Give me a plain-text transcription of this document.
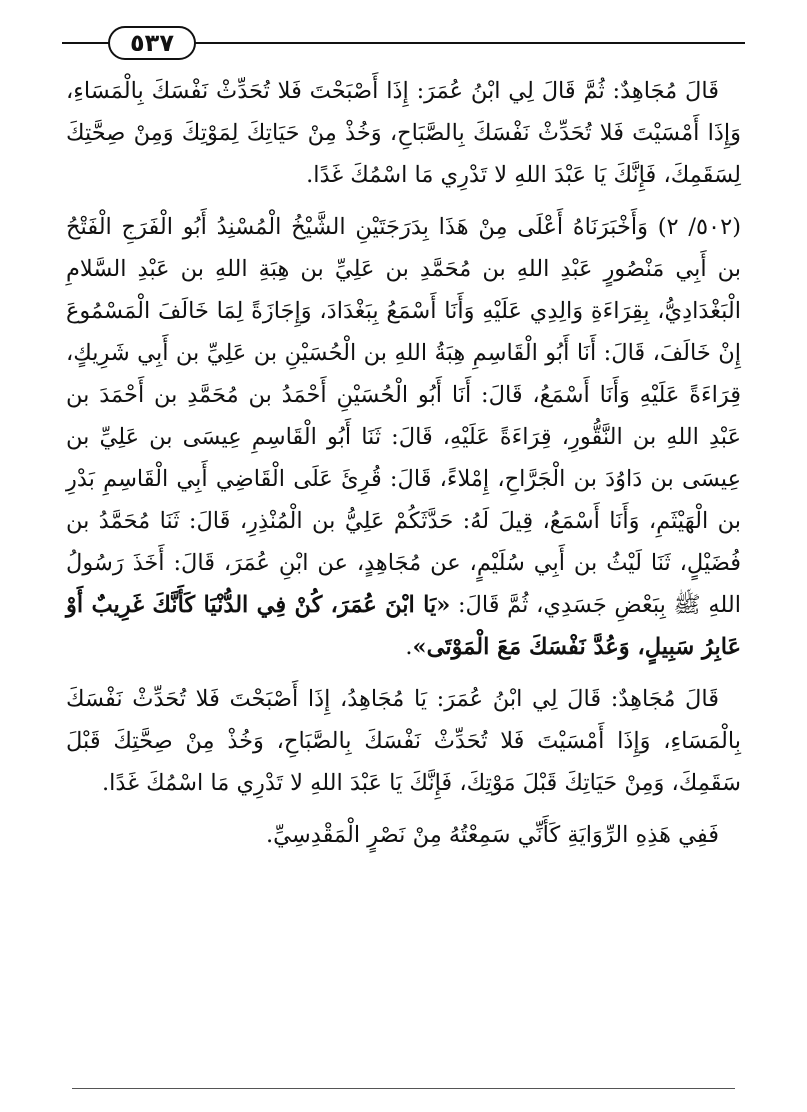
٥٣٧

قَالَ مُجَاهِدٌ: ثُمَّ قَالَ لِي ابْنُ عُمَرَ: إِذَا أَصْبَحْتَ فَلا تُحَدِّثْ نَفْسَكَ بِالْمَسَاءِ، وَإِذَا أَمْسَيْتَ فَلا تُحَدِّثْ نَفْسَكَ بِالصَّبَاحِ، وَخُذْ مِنْ حَيَاتِكَ لِمَوْتِكَ وَمِنْ صِحَّتِكَ لِسَقَمِكَ، فَإِنَّكَ يَا عَبْدَ اللهِ لا تَدْرِي مَا اسْمُكَ غَدًا.

(٥٠٢/ ٢) وَأَخْبَرَنَاهُ أَعْلَى مِنْ هَذَا بِدَرَجَتَيْنِ الشَّيْخُ الْمُسْنِدُ أَبُو الْفَرَجِ الْفَتْحُ بن أَبِي مَنْصُورٍ عَبْدِ اللهِ بن مُحَمَّدِ بن عَلِيِّ بن هِبَةِ اللهِ بن عَبْدِ السَّلامِ الْبَغْدَادِيُّ، بِقِرَاءَةِ وَالِدِي عَلَيْهِ وَأَنَا أَسْمَعُ بِبَغْدَادَ، وَإِجَازَةً لِمَا خَالَفَ الْمَسْمُوعَ إِنْ خَالَفَ، قَالَ: أَنَا أَبُو الْقَاسِمِ هِبَةُ اللهِ بن الْحُسَيْنِ بن عَلِيِّ بن أَبِي شَرِيكٍ، قِرَاءَةً عَلَيْهِ وَأَنَا أَسْمَعُ، قَالَ: أَنَا أَبُو الْحُسَيْنِ أَحْمَدُ بن مُحَمَّدِ بن أَحْمَدَ بن عَبْدِ اللهِ بن النَّقُّورِ، قِرَاءَةً عَلَيْهِ، قَالَ: ثَنَا أَبُو الْقَاسِمِ عِيسَى بن عَلِيِّ بن عِيسَى بن دَاوُدَ بن الْجَرَّاحِ، إِمْلاءً، قَالَ: قُرِئَ عَلَى الْقَاضِي أَبِي الْقَاسِمِ بَدْرِ بن الْهَيْثَمِ، وَأَنَا أَسْمَعُ، قِيلَ لَهُ: حَدَّثَكُمْ عَلِيُّ بن الْمُنْذِرِ، قَالَ: ثَنَا مُحَمَّدُ بن فُضَيْلٍ، ثَنَا لَيْثُ بن أَبِي سُلَيْمٍ، عن مُجَاهِدٍ، عن ابْنِ عُمَرَ، قَالَ: أَخَذَ رَسُولُ اللهِ ﷺ بِبَعْضِ جَسَدِي، ثُمَّ قَالَ: «يَا ابْنَ عُمَرَ، كُنْ فِي الدُّنْيَا كَأَنَّكَ غَرِيبٌ أَوْ عَابِرُ سَبِيلٍ، وَعُدَّ نَفْسَكَ مَعَ الْمَوْتَى».

قَالَ مُجَاهِدٌ: قَالَ لِي ابْنُ عُمَرَ: يَا مُجَاهِدُ، إِذَا أَصْبَحْتَ فَلا تُحَدِّثْ نَفْسَكَ بِالْمَسَاءِ، وَإِذَا أَمْسَيْتَ فَلا تُحَدِّثْ نَفْسَكَ بِالصَّبَاحِ، وَخُذْ مِنْ صِحَّتِكَ قَبْلَ سَقَمِكَ، وَمِنْ حَيَاتِكَ قَبْلَ مَوْتِكَ، فَإِنَّكَ يَا عَبْدَ اللهِ لا تَدْرِي مَا اسْمُكَ غَدًا.

فَفِي هَذِهِ الرِّوَايَةِ كَأَنِّي سَمِعْتُهُ مِنْ نَصْرٍ الْمَقْدِسِيِّ.
